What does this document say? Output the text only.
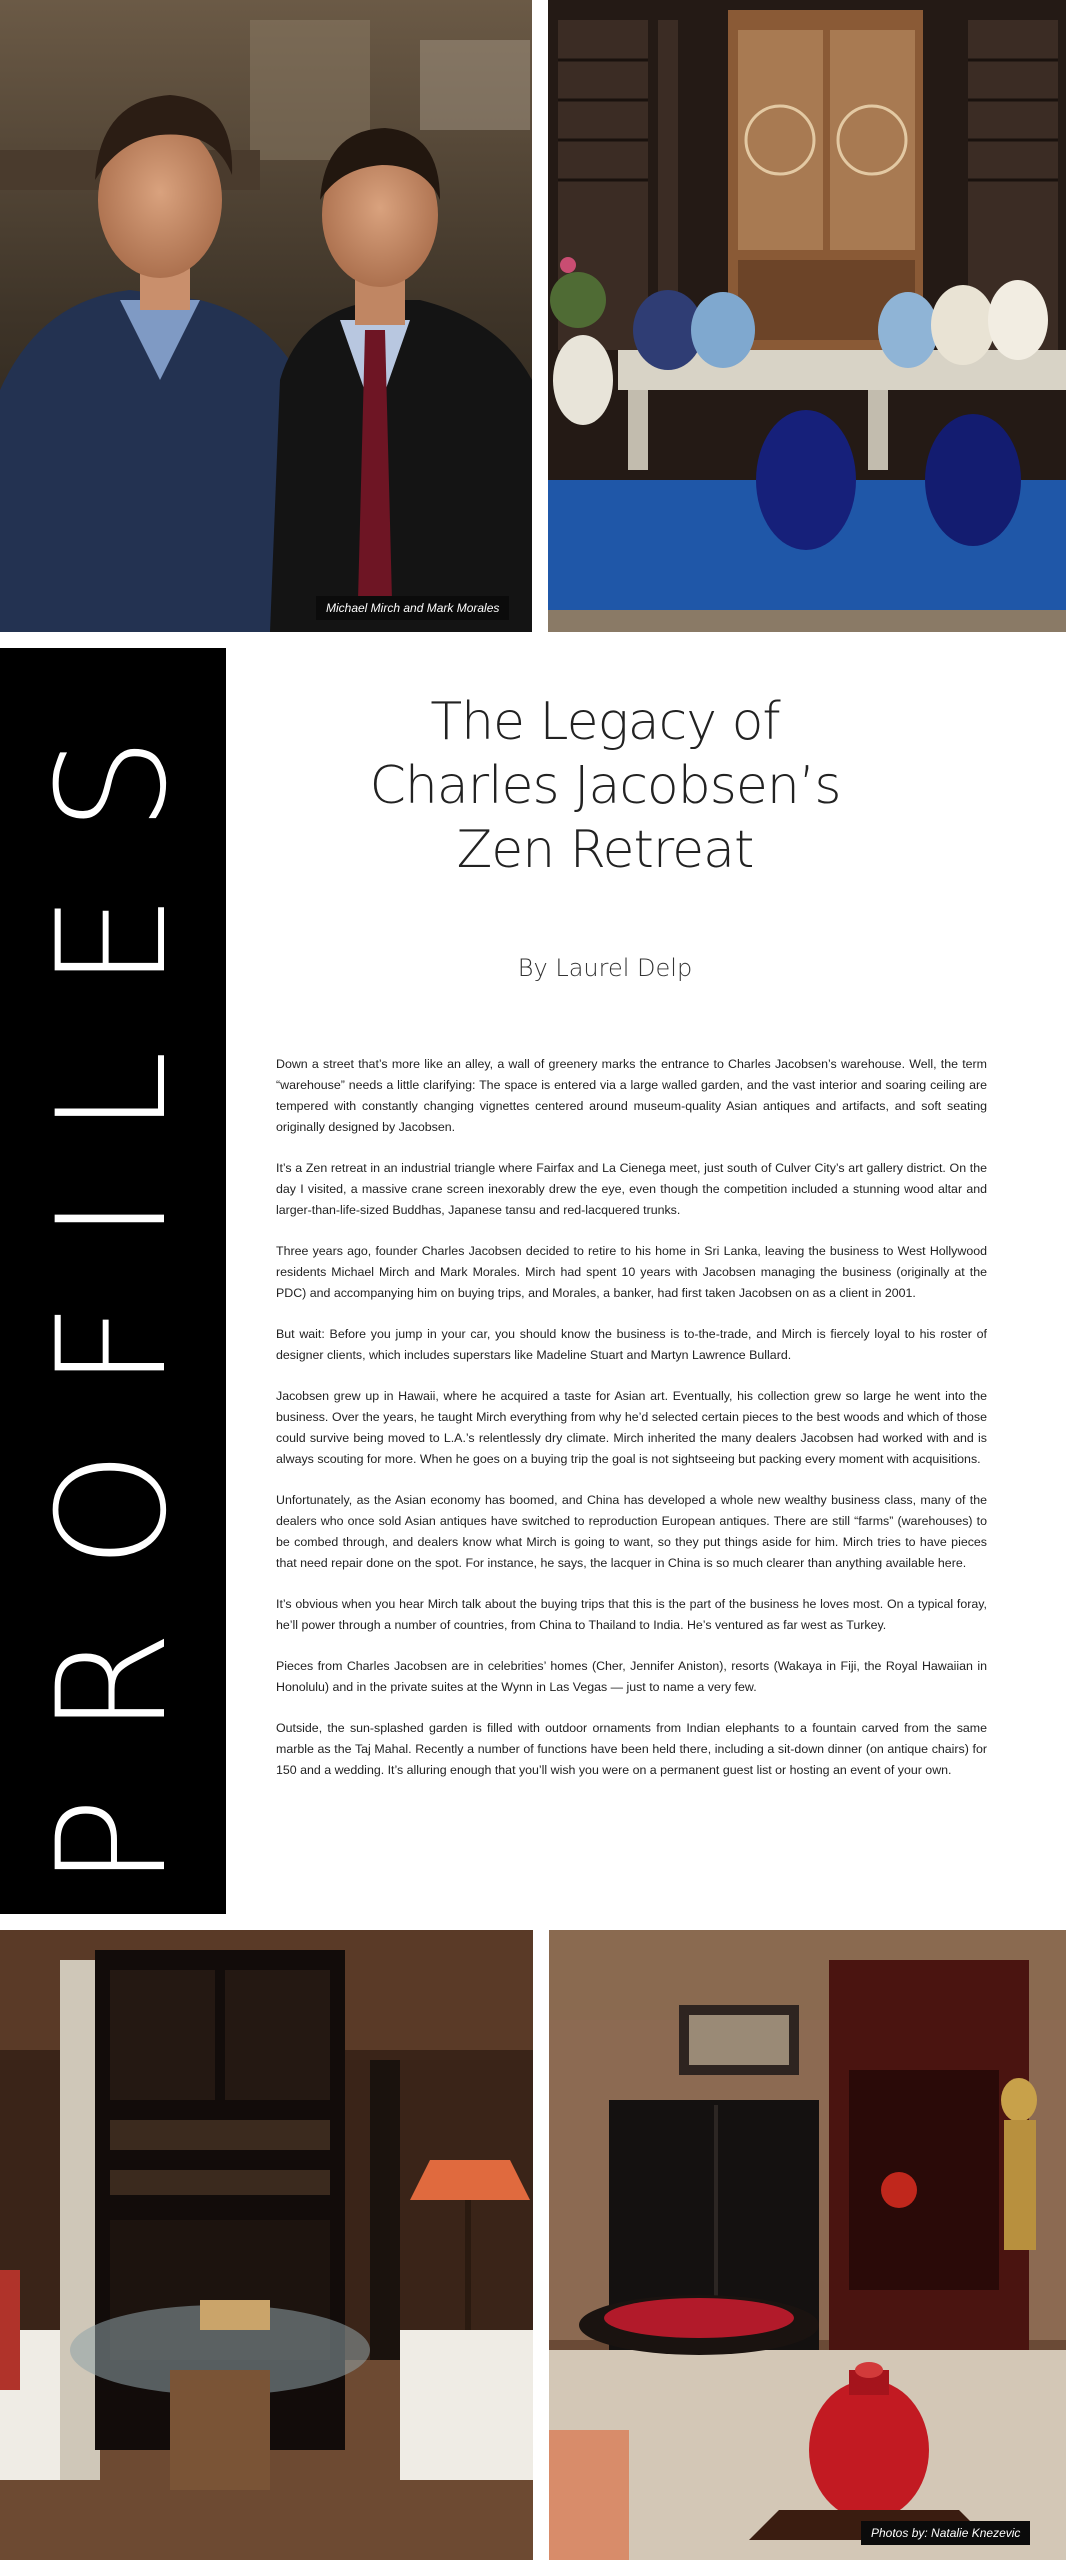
Michael Mirch and Mark Morales
PROFILES	The Legacy of
Charles Jacobsen’s
Zen Retreat
By Laurel Delp

Down a street that’s more like an alley, a wall of greenery marks the entrance to Charles Jacobsen’s warehouse. Well, the term “warehouse” needs a little clarifying: The space is entered via a large walled garden, and the vast interior and soaring ceiling are tempered with constantly changing vignettes centered around museum-quality Asian antiques and artifacts, and soft seating originally designed by Jacobsen.

It’s a Zen retreat in an industrial triangle where Fairfax and La Cienega meet, just south of Culver City’s art gallery district. On the day I visited, a massive crane screen inexorably drew the eye, even though the competition included a stunning wood altar and larger-than-life-sized Buddhas, Japanese tansu and red-lacquered trunks.

Three years ago, founder Charles Jacobsen decided to retire to his home in Sri Lanka, leaving the business to West Hollywood residents Michael Mirch and Mark Morales. Mirch had spent 10 years with Jacobsen managing the business (originally at the PDC) and accompanying him on buying trips, and Morales, a banker, had first taken Jacobsen on as a client in 2001.

But wait: Before you jump in your car, you should know the business is to-the-trade, and Mirch is fiercely loyal to his roster of designer clients, which includes superstars like Madeline Stuart and Martyn Lawrence Bullard.

Jacobsen grew up in Hawaii, where he acquired a taste for Asian art. Eventually, his collection grew so large he went into the business. Over the years, he taught Mirch everything from why he’d selected certain pieces to the best woods and which of those could survive being moved to L.A.’s relentlessly dry climate. Mirch inherited the many dealers Jacobsen had worked with and is always scouting for more. When he goes on a buying trip the goal is not sightseeing but packing every moment with acquisitions.

Unfortunately, as the Asian economy has boomed, and China has developed a whole new wealthy business class, many of the dealers who once sold Asian antiques have switched to reproduction European antiques. There are still “farms” (warehouses) to be combed through, and dealers know what Mirch is going to want, so they put things aside for him. Mirch tries to have pieces that need repair done on the spot. For instance, he says, the lacquer in China is so much clearer than anything available here.

It’s obvious when you hear Mirch talk about the buying trips that this is the part of the business he loves most. On a typical foray, he’ll power through a number of countries, from China to Thailand to India. He’s ventured as far west as Turkey.

Pieces from Charles Jacobsen are in celebrities’ homes (Cher, Jennifer Aniston), resorts (Wakaya in Fiji, the Royal Hawaiian in Honolulu) and in the private suites at the Wynn in Las Vegas — just to name a very few.

Outside, the sun-splashed garden is filled with outdoor ornaments from Indian elephants to a fountain carved from the same marble as the Taj Mahal. Recently a number of functions have been held there, including a sit-down dinner (on antique chairs) for 150 and a wedding. It’s alluring enough that you’ll wish you were on a permanent guest list or hosting an event of your own.

Photos by: Natalie Knezevic
